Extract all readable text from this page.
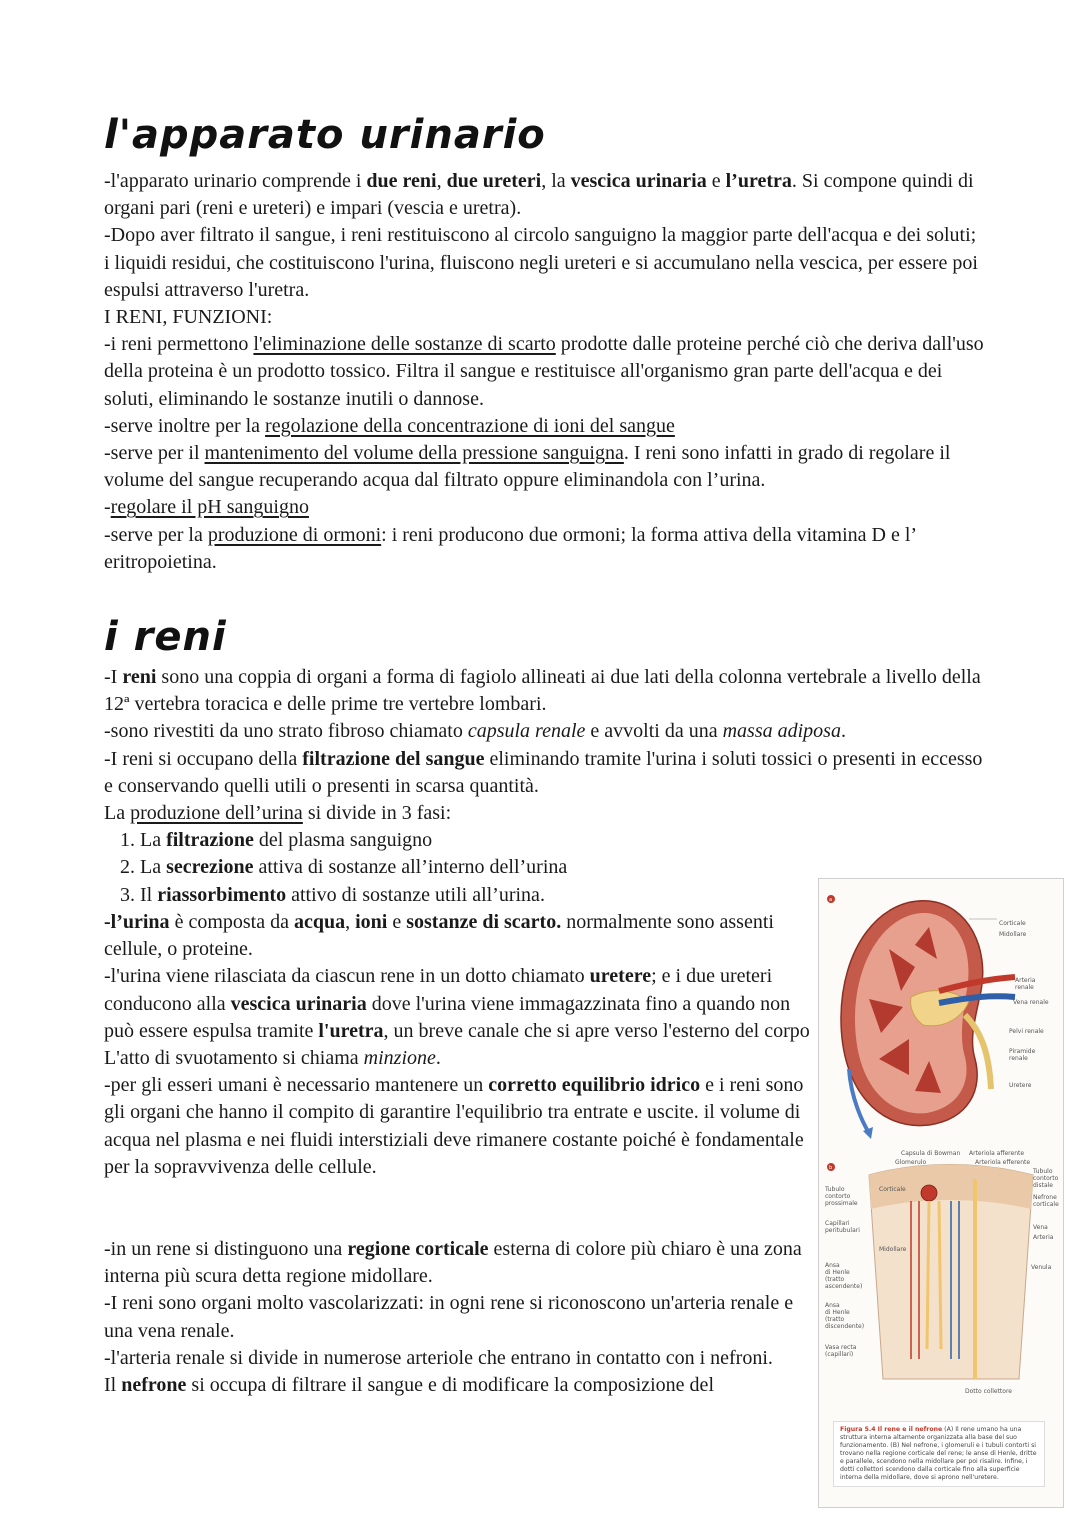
l'apparato urinario

-l'apparato urinario comprende i due reni, due ureteri, la vescica urinaria e l’uretra. Si compone quindi di organi pari (reni e ureteri) e impari (vescia e uretra).

-Dopo aver filtrato il sangue, i reni restituiscono al circolo sanguigno la maggior parte dell'acqua e dei soluti; i liquidi residui, che costituiscono l'urina, fluiscono negli ureteri e si accumulano nella vescica, per essere poi espulsi attraverso l'uretra.

I RENI, FUNZIONI:

-i reni permettono l'eliminazione delle sostanze di scarto prodotte dalle proteine perché ciò che deriva dall'uso della proteina è un prodotto tossico. Filtra il sangue e restituisce all'organismo gran parte dell'acqua e dei soluti, eliminando le sostanze inutili o dannose.

-serve inoltre per la regolazione della concentrazione di ioni del sangue

-serve per il mantenimento del volume della pressione sanguigna. I reni sono infatti in grado di regolare il volume del sangue recuperando acqua dal filtrato oppure eliminandola con l’urina.

-regolare il pH sanguigno

-serve per la produzione di ormoni: i reni producono due ormoni; la forma attiva della vitamina D e l’ eritropoietina.

i reni

-I reni sono una coppia di organi a forma di fagiolo allineati ai due lati della colonna vertebrale a livello della 12ª vertebra toracica e delle prime tre vertebre lombari.

-sono rivestiti da uno strato fibroso chiamato capsula renale e avvolti da una massa adiposa.

-I reni si occupano della filtrazione del sangue eliminando tramite l'urina i soluti tossici o presenti in eccesso e conservando quelli utili o presenti in scarsa quantità.

La produzione dell’urina si divide in 3 fasi:

1. La filtrazione del plasma sanguigno
2. La secrezione attiva di sostanze all’interno dell’urina
3. Il riassorbimento attivo di sostanze utili all’urina.

-l’urina è composta da acqua, ioni e sostanze di scarto. normalmente sono assenti cellule, o proteine.

-l'urina viene rilasciata da ciascun rene in un dotto chiamato uretere; e i due ureteri conducono alla vescica urinaria dove l'urina viene immagazzinata fino a quando non può essere espulsa tramite l'uretra, un breve canale che si apre verso l'esterno del corpo

L'atto di svuotamento si chiama minzione.

-per gli esseri umani è necessario mantenere un corretto equilibrio idrico e i reni sono gli organi che hanno il compito di garantire l'equilibrio tra entrate e uscite. il volume di acqua nel plasma e nei fluidi interstiziali deve rimanere costante poiché è fondamentale per la sopravvivenza delle cellule.

-in un rene si distinguono una regione corticale esterna di colore più chiaro è una zona interna più scura detta regione midollare.

-I reni sono organi molto vascolarizzati: in ogni rene si riconoscono un'arteria renale e una vena renale.

-l'arteria renale si divide in numerose arteriole che entrano in contatto con i nefroni.

Il nefrone si occupa di filtrare il sangue e di modificare la composizione del

a
Corticale
Midollare
Arteria
renale
Vena renale
Pelvi renale
Piramide
renale
Uretere
b
Capsula di Bowman
Glomerulo
Arteriola afferente
Arteriola efferente
Tubulo
contorto
distale
Tubulo
contorto
prossimale
Corticale
Nefrone
corticale
Capillari
peritubulari	Vena
Arteria
Midollare
Venula
Ansa
di Henle
(tratto
ascendente)
Ansa
di Henle
(tratto
discendente)
Vasa recta
(capillari)
Dotto collettore
Figura 5.4 Il rene e il nefrone (A) Il rene umano ha una struttura interna altamente organizzata alla base del suo funzionamento. (B) Nel nefrone, i glomeruli e i tubuli contorti si trovano nella regione corticale del rene; le anse di Henle, dritte e parallele, scendono nella midollare per poi risalire. Infine, i dotti collettori scendono dalla corticale fino alla superficie interna della midollare, dove si aprono nell'uretere.
